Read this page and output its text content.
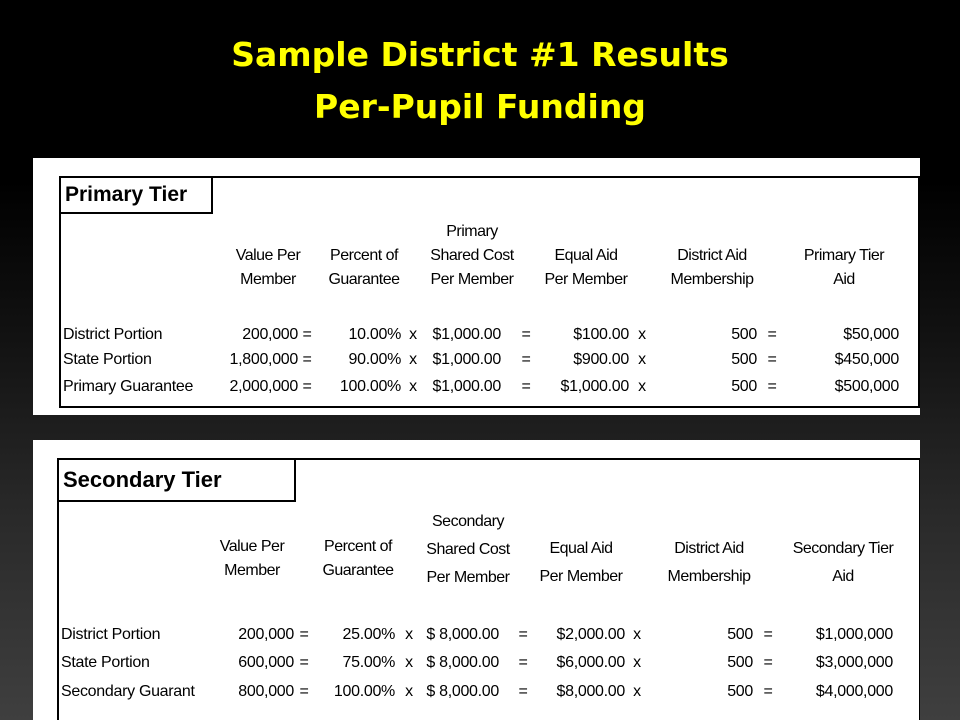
Sample District #1 Results
Per-Pupil Funding
Primary Tier
Value Per
Member
Percent of
Guarantee
Primary
Shared Cost
Per Member
Equal Aid
Per Member
District Aid
Membership
Primary Tier
Aid
District Portion	200,000 =	10.00% x $1,000.00 =	$100.00 x	500 =	$50,000
State Portion	1,800,000 =	90.00% x $1,000.00 =	$900.00 x	500 =	$450,000
Primary Guarantee	2,000,000 =	100.00% x $1,000.00 =	$1,000.00 x	500 =	$500,000
Secondary Tier
Value Per
Member
Percent of
Guarantee
Secondary
Shared Cost
Per Member
Equal Aid
Per Member
District Aid
Membership
Secondary Tier
Aid
District Portion	200,000 =	25.00% x $ 8,000.00 =	$2,000.00 x	500 =	$1,000,000
State Portion	600,000 =	75.00% x $ 8,000.00 =	$6,000.00 x	500 =	$3,000,000
Secondary Guarant	800,000 =	100.00% x $ 8,000.00 =	$8,000.00 x	500 =	$4,000,000
